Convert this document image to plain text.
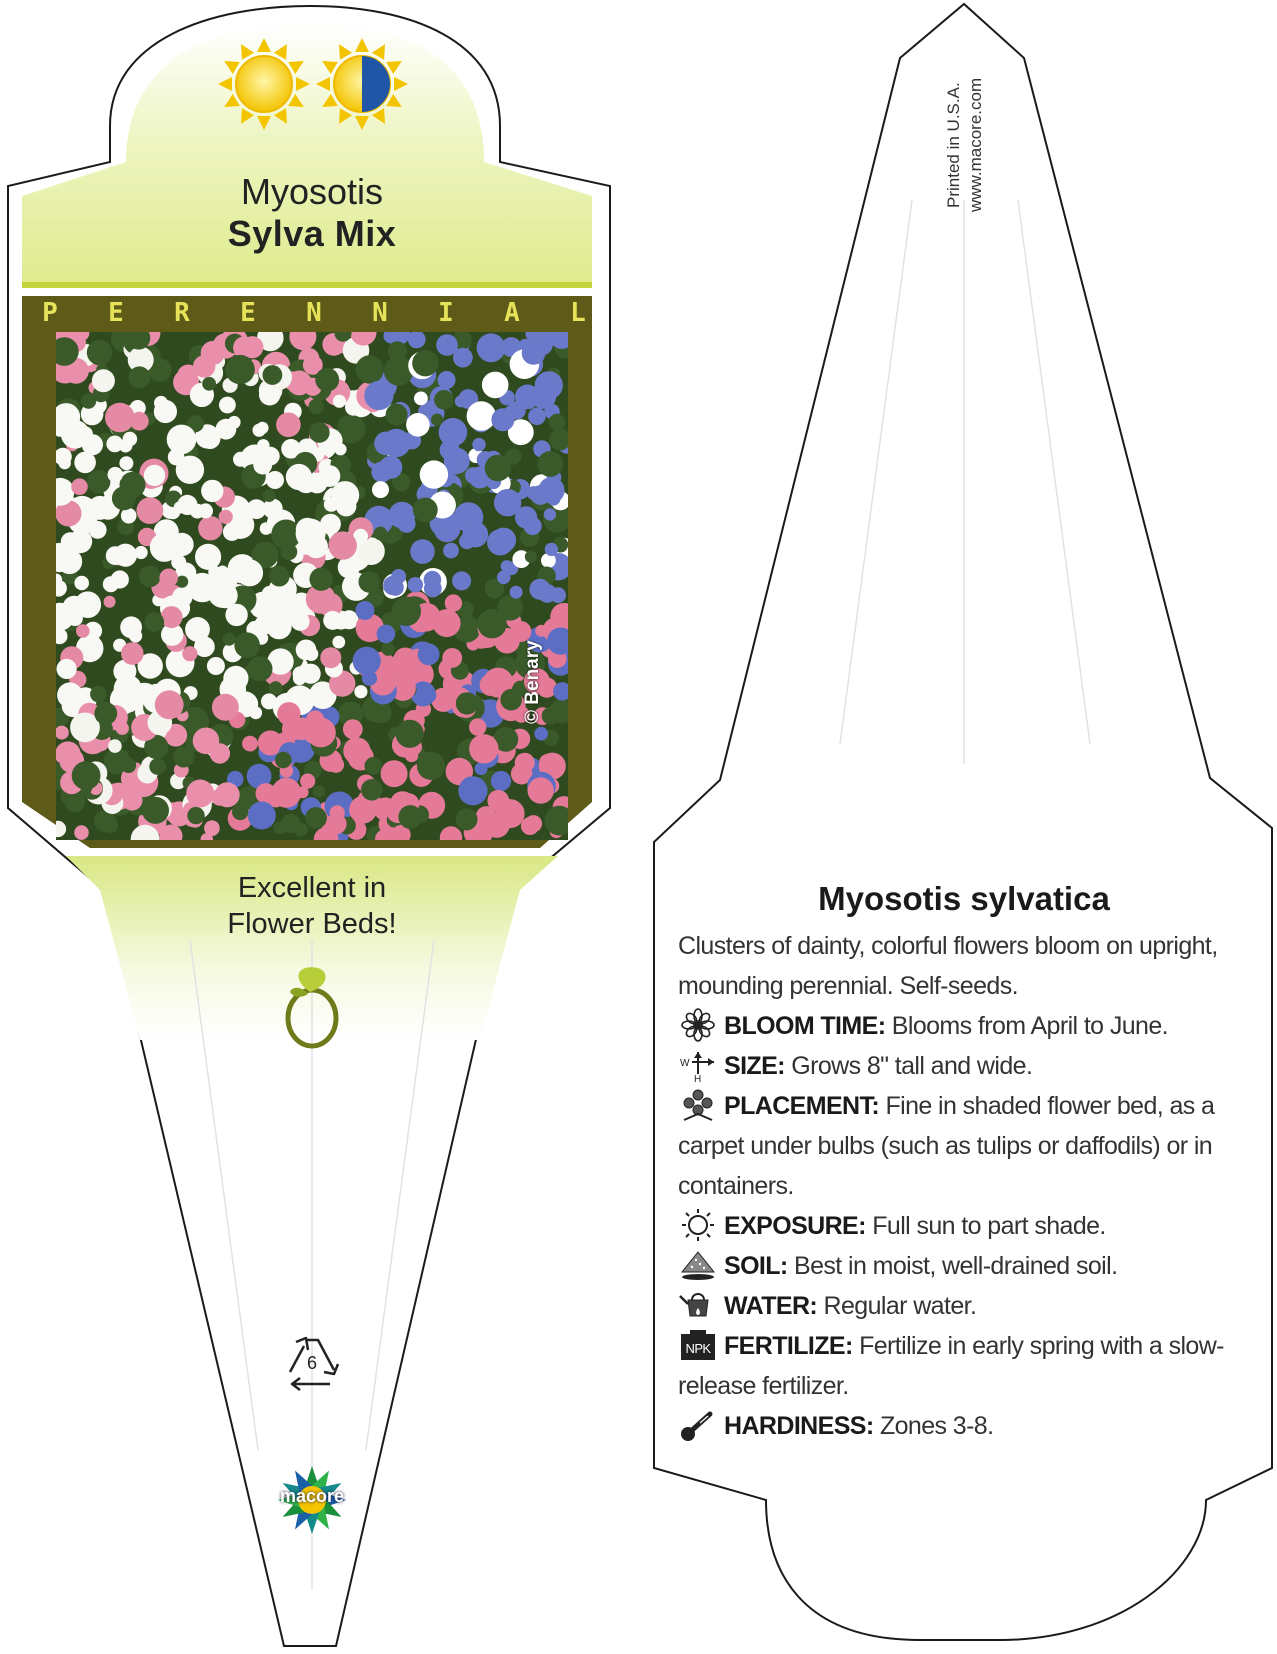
Myosotis
Sylva Mix
P E R E N N I A L
© Benary
Excellent in
Flower Beds!
6
macore
Printed in U.S.A. www.macore.com
Myosotis sylvatica

Clusters of dainty, colorful flowers bloom on upright, mounding perennial. Self-seeds.

BLOOM TIME: Blooms from April to June.

W
H SIZE: Grows 8" tall and wide.

PLACEMENT: Fine in shaded flower bed, as a carpet under bulbs (such as tulips or daffodils) or in containers.

EXPOSURE: Full sun to part shade.

SOIL: Best in moist, well-drained soil.

WATER: Regular water.

NPK FERTILIZE: Fertilize in early spring with a slow-release fertilizer.

HARDINESS: Zones 3-8.
